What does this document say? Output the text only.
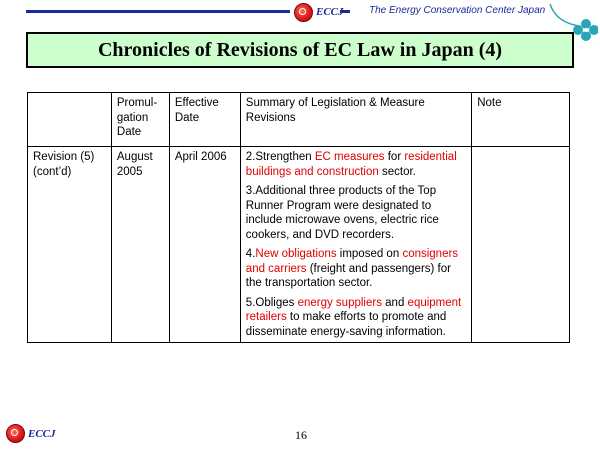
ECCJ	The Energy Conservation Center Japan
Chronicles of Revisions of EC Law in Japan (4)
	Promul-gation Date	Effective Date	Summary of Legislation & Measure Revisions	Note
Revision (5) (cont’d)	August 2005	April 2006	2.Strengthen EC measures for residential buildings and construction sector.

3.Additional three products of the Top Runner Program were designated to include microwave ovens, electric rice cookers, and DVD recorders.

4.New obligations imposed on consigners and carriers (freight and passengers) for the transportation sector.

5.Obliges energy suppliers and equipment retailers to make efforts to promote and disseminate energy-saving information.	

ECCJ	16
